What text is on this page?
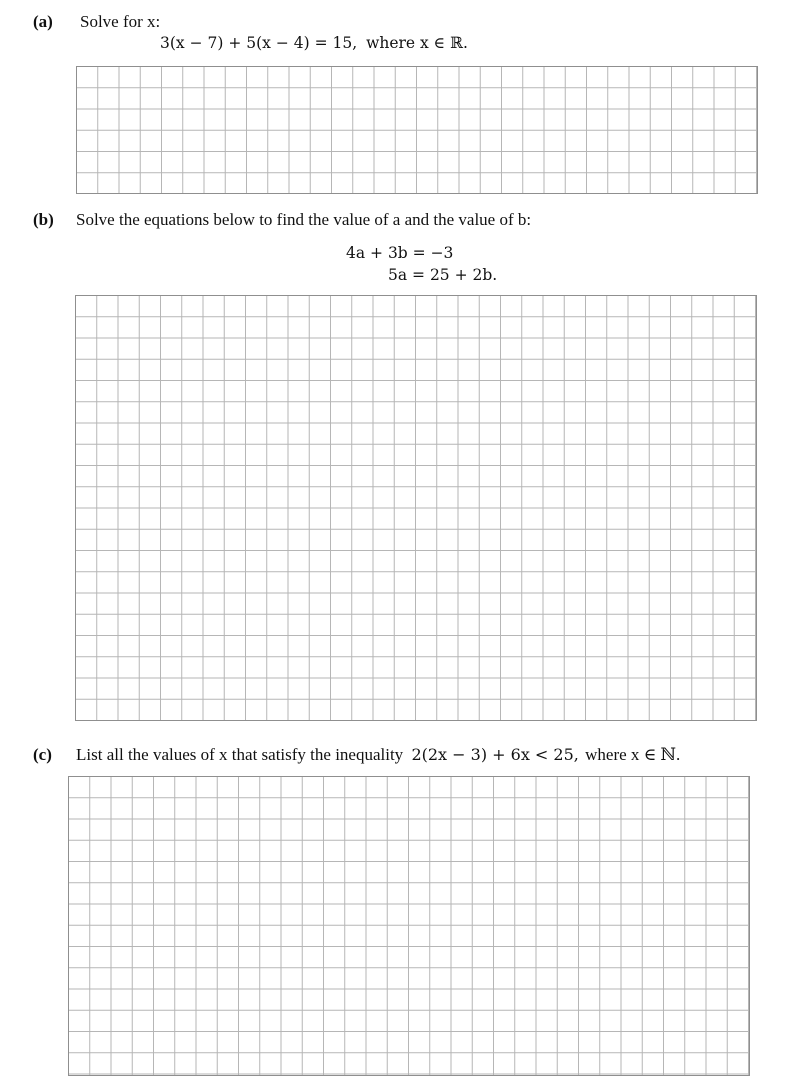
(a) Solve for x:
3(x − 7) + 5(x − 4) = 15, where x ∈ ℝ.
(b) Solve the equations below to find the value of a and the value of b:
4a + 3b = −3
5a = 25 + 2b.
(c) List all the values of x that satisfy the inequality 2(2x − 3) + 6x < 25, where x ∈ ℕ.
